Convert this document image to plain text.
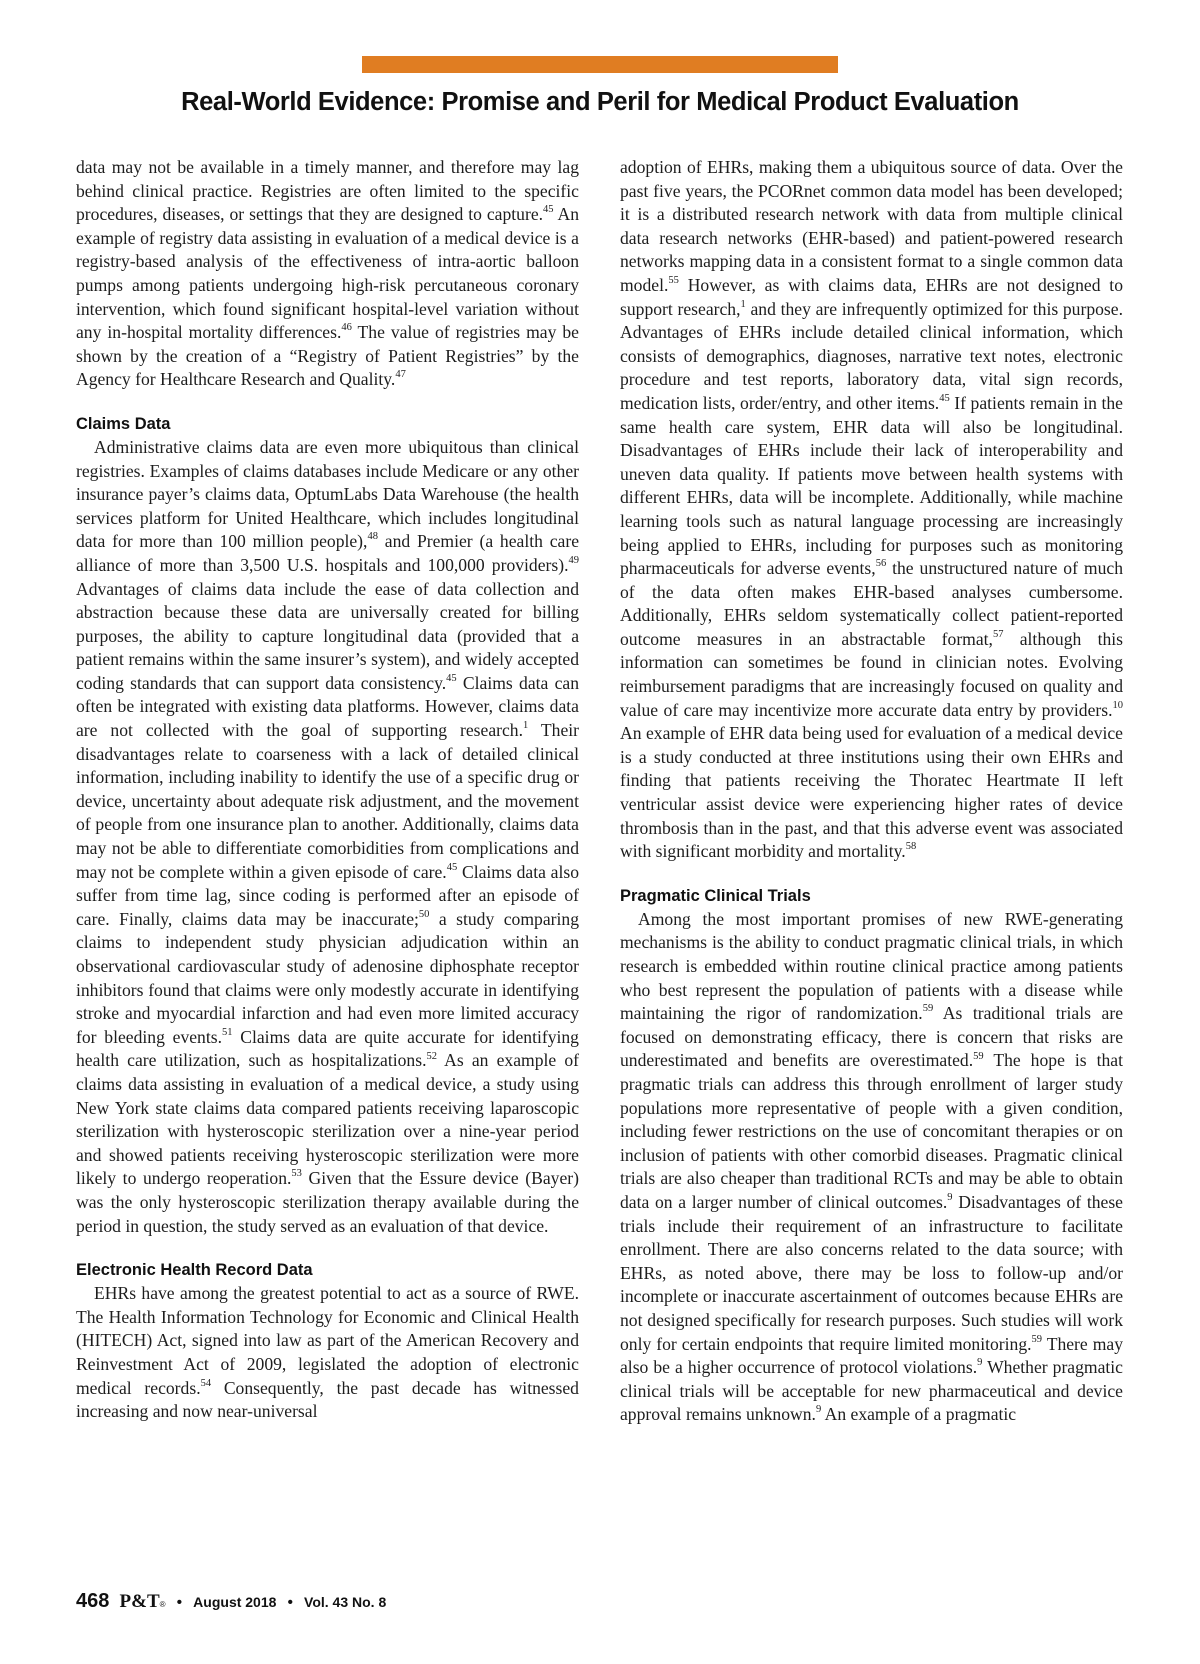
Real-World Evidence: Promise and Peril for Medical Product Evaluation

data may not be available in a timely manner, and therefore may lag behind clinical practice. Registries are often limited to the specific procedures, diseases, or settings that they are designed to capture.$^{45}$ An example of registry data assisting in evaluation of a medical device is a registry-based analysis of the effectiveness of intra-aortic balloon pumps among patients undergoing high-risk percutaneous coronary intervention, which found significant hospital-level variation without any in-hospital mortality differences.$^{46}$ The value of registries may be shown by the creation of a “Registry of Patient Registries” by the Agency for Healthcare Research and Quality.$^{47}$

Claims Data

Administrative claims data are even more ubiquitous than clinical registries. Examples of claims databases include Medicare or any other insurance payer’s claims data, OptumLabs Data Warehouse (the health services platform for United Healthcare, which includes longitudinal data for more than 100 million people),$^{48}$ and Premier (a health care alliance of more than 3,500 U.S. hospitals and 100,000 providers).$^{49}$ Advantages of claims data include the ease of data collection and abstraction because these data are universally created for billing purposes, the ability to capture longitudinal data (provided that a patient remains within the same insurer’s system), and widely accepted coding standards that can support data consistency.$^{45}$ Claims data can often be integrated with existing data platforms. However, claims data are not collected with the goal of supporting research.$^1$ Their disadvantages relate to coarseness with a lack of detailed clinical information, including inability to identify the use of a specific drug or device, uncertainty about adequate risk adjustment, and the movement of people from one insurance plan to another. Additionally, claims data may not be able to differentiate comorbidities from complications and may not be complete within a given episode of care.$^{45}$ Claims data also suffer from time lag, since coding is performed after an episode of care. Finally, claims data may be inaccurate;$^{50}$ a study comparing claims to independent study physician adjudication within an observational cardiovascular study of adenosine diphosphate receptor inhibitors found that claims were only modestly accurate in identifying stroke and myocardial infarction and had even more limited accuracy for bleeding events.$^{51}$ Claims data are quite accurate for identifying health care utilization, such as hospitalizations.$^{52}$ As an example of claims data assisting in evaluation of a medical device, a study using New York state claims data compared patients receiving laparoscopic sterilization with hysteroscopic sterilization over a nine-year period and showed patients receiving hysteroscopic sterilization were more likely to undergo reoperation.$^{53}$ Given that the Essure device (Bayer) was the only hysteroscopic sterilization therapy available during the period in question, the study served as an evaluation of that device.

Electronic Health Record Data

EHRs have among the greatest potential to act as a source of RWE. The Health Information Technology for Economic and Clinical Health (HITECH) Act, signed into law as part of the American Recovery and Reinvestment Act of 2009, legislated the adoption of electronic medical records.$^{54}$ Consequently, the past decade has witnessed increasing and now near-universal

adoption of EHRs, making them a ubiquitous source of data. Over the past five years, the PCORnet common data model has been developed; it is a distributed research network with data from multiple clinical data research networks (EHR-based) and patient-powered research networks mapping data in a consistent format to a single common data model.$^{55}$ However, as with claims data, EHRs are not designed to support research,$^1$ and they are infrequently optimized for this purpose. Advantages of EHRs include detailed clinical information, which consists of demographics, diagnoses, narrative text notes, electronic procedure and test reports, laboratory data, vital sign records, medication lists, order/entry, and other items.$^{45}$ If patients remain in the same health care system, EHR data will also be longitudinal. Disadvantages of EHRs include their lack of interoperability and uneven data quality. If patients move between health systems with different EHRs, data will be incomplete. Additionally, while machine learning tools such as natural language processing are increasingly being applied to EHRs, including for purposes such as monitoring pharmaceuticals for adverse events,$^{56}$ the unstructured nature of much of the data often makes EHR-based analyses cumbersome. Additionally, EHRs seldom systematically collect patient-reported outcome measures in an abstractable format,$^{57}$ although this information can sometimes be found in clinician notes. Evolving reimbursement paradigms that are increasingly focused on quality and value of care may incentivize more accurate data entry by providers.$^{10}$ An example of EHR data being used for evaluation of a medical device is a study conducted at three institutions using their own EHRs and finding that patients receiving the Thoratec Heartmate II left ventricular assist device were experiencing higher rates of device thrombosis than in the past, and that this adverse event was associated with significant morbidity and mortality.$^{58}$

Pragmatic Clinical Trials

Among the most important promises of new RWE-generating mechanisms is the ability to conduct pragmatic clinical trials, in which research is embedded within routine clinical practice among patients who best represent the population of patients with a disease while maintaining the rigor of randomization.$^{59}$ As traditional trials are focused on demonstrating efficacy, there is concern that risks are underestimated and benefits are overestimated.$^{59}$ The hope is that pragmatic trials can address this through enrollment of larger study populations more representative of people with a given condition, including fewer restrictions on the use of concomitant therapies or on inclusion of patients with other comorbid diseases. Pragmatic clinical trials are also cheaper than traditional RCTs and may be able to obtain data on a larger number of clinical outcomes.$^9$ Disadvantages of these trials include their requirement of an infrastructure to facilitate enrollment. There are also concerns related to the data source; with EHRs, as noted above, there may be loss to follow-up and/or incomplete or inaccurate ascertainment of outcomes because EHRs are not designed specifically for research purposes. Such studies will work only for certain endpoints that require limited monitoring.$^{59}$ There may also be a higher occurrence of protocol violations.$^9$ Whether pragmatic clinical trials will be acceptable for new pharmaceutical and device approval remains unknown.$^9$ An example of a pragmatic

468 P&T® • August 2018 • Vol. 43 No. 8
